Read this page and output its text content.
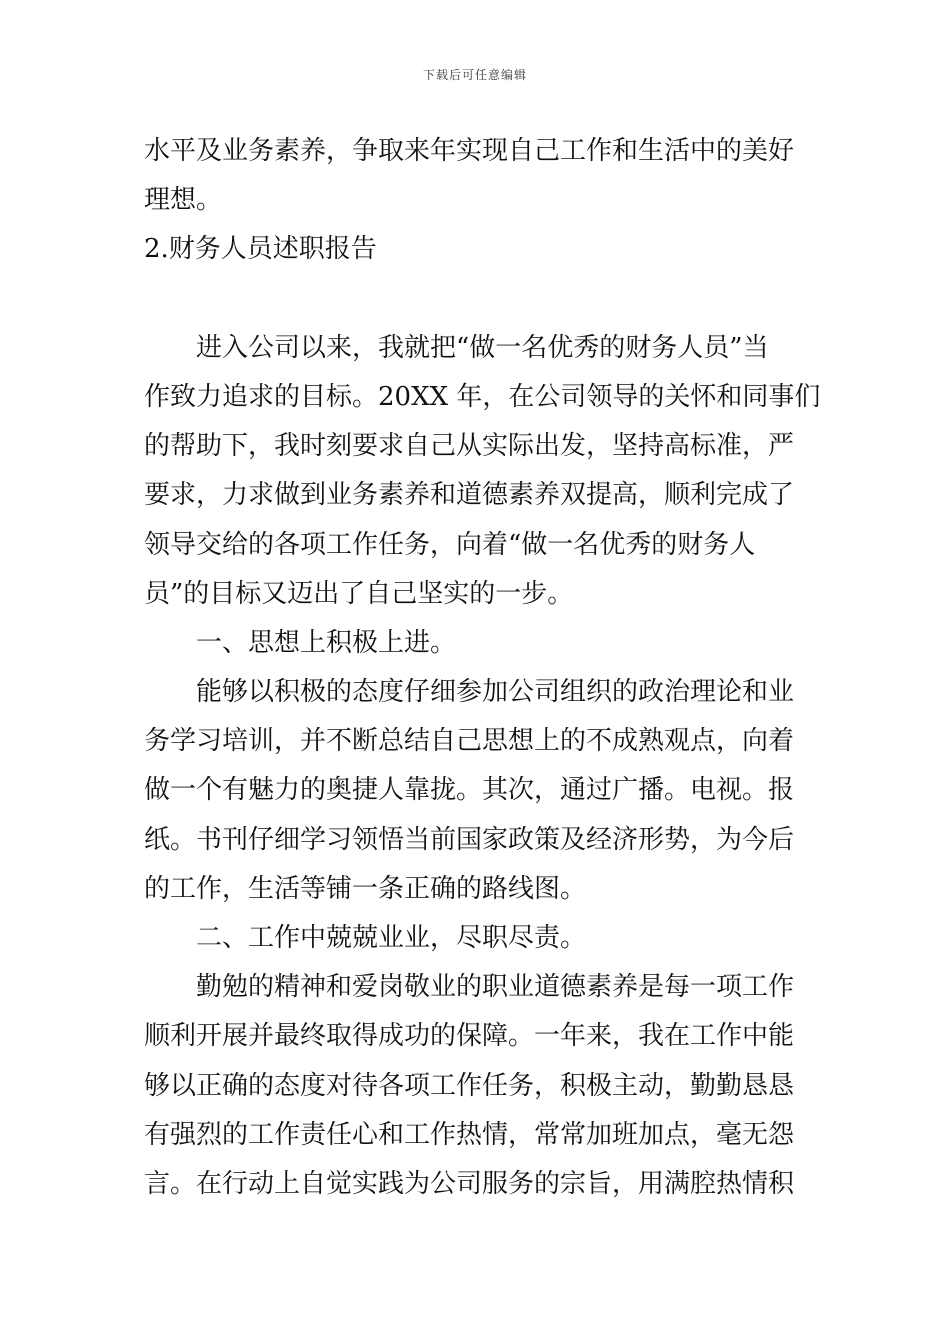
下载后可任意编辑
水平及业务素养，争取来年实现自己工作和生活中的美好
理想。
2.财务人员述职报告
进入公司以来，我就把“做一名优秀的财务人员”当
作致力追求的目标。20XX 年，在公司领导的关怀和同事们
的帮助下，我时刻要求自己从实际出发，坚持高标准，严
要求，力求做到业务素养和道德素养双提高，顺利完成了
领导交给的各项工作任务，向着“做一名优秀的财务人
员”的目标又迈出了自己坚实的一步。
一、思想上积极上进。
能够以积极的态度仔细参加公司组织的政治理论和业
务学习培训，并不断总结自己思想上的不成熟观点，向着
做一个有魅力的奥捷人靠拢。其次，通过广播。电视。报
纸。书刊仔细学习领悟当前国家政策及经济形势，为今后
的工作，生活等铺一条正确的路线图。
二、工作中兢兢业业，尽职尽责。
勤勉的精神和爱岗敬业的职业道德素养是每一项工作
顺利开展并最终取得成功的保障。一年来，我在工作中能
够以正确的态度对待各项工作任务，积极主动，勤勤恳恳
有强烈的工作责任心和工作热情，常常加班加点，毫无怨
言。在行动上自觉实践为公司服务的宗旨，用满腔热情积
